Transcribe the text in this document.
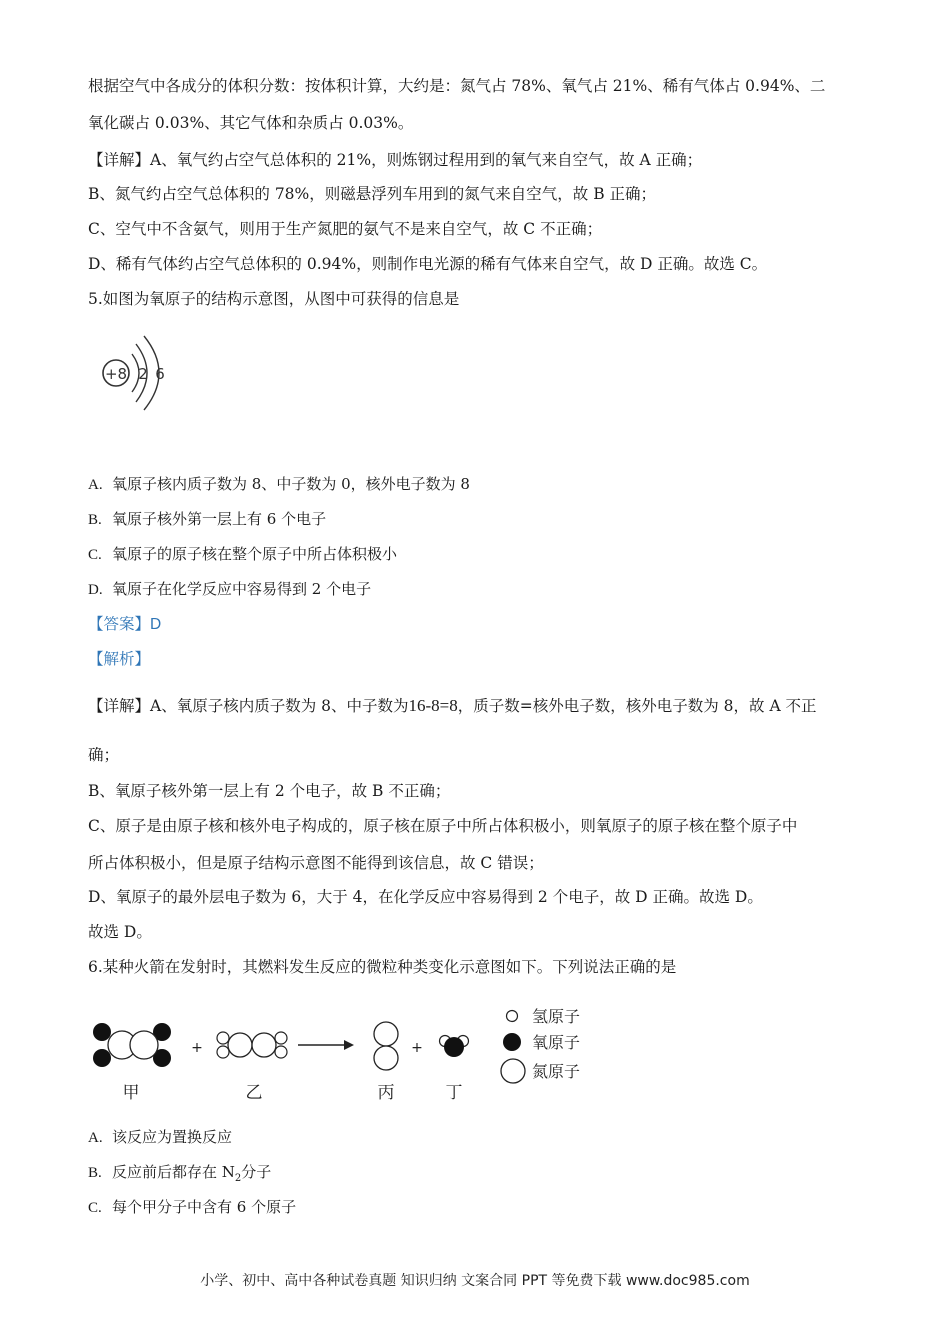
根据空气中各成分的体积分数：按体积计算，大约是：氮气占 78%、氧气占 21%、稀有气体占 0.94%、二
氧化碳占 0.03%、其它气体和杂质占 0.03%。
【详解】A、氧气约占空气总体积的 21%，则炼钢过程用到的氧气来自空气，故 A 正确；
B、氮气约占空气总体积的 78%，则磁悬浮列车用到的氮气来自空气，故 B 正确；
C、空气中不含氨气，则用于生产氮肥的氨气不是来自空气，故 C 不正确；
D、稀有气体约占空气总体积的 0.94%，则制作电光源的稀有气体来自空气，故 D 正确。故选 C。
5.如图为氧原子的结构示意图，从图中可获得的信息是
+8 2 6
A. 氧原子核内质子数为 8、中子数为 0，核外电子数为 8
B. 氧原子核外第一层上有 6 个电子
C. 氧原子的原子核在整个原子中所占体积极小
D. 氧原子在化学反应中容易得到 2 个电子
【答案】D
【解析】
【详解】A、氧原子核内质子数为 8、中子数为16-8=8，质子数=核外电子数，核外电子数为 8，故 A 不正
确；
B、氧原子核外第一层上有 2 个电子，故 B 不正确；
C、原子是由原子核和核外电子构成的，原子核在原子中所占体积极小，则氧原子的原子核在整个原子中
所占体积极小，但是原子结构示意图不能得到该信息，故 C 错误；
D、氧原子的最外层电子数为 6，大于 4，在化学反应中容易得到 2 个电子，故 D 正确。故选 D。
故选 D。
6.某种火箭在发射时，其燃料发生反应的微粒种类变化示意图如下。下列说法正确的是
+	+
甲	乙	丙	丁
氢原子
氧原子
氮原子
A. 该反应为置换反应
B. 反应前后都存在 $N_2$分子
C. 每个甲分子中含有 6 个原子
小学、初中、高中各种试卷真题 知识归纳 文案合同 PPT 等免费下载 www.doc985.com
